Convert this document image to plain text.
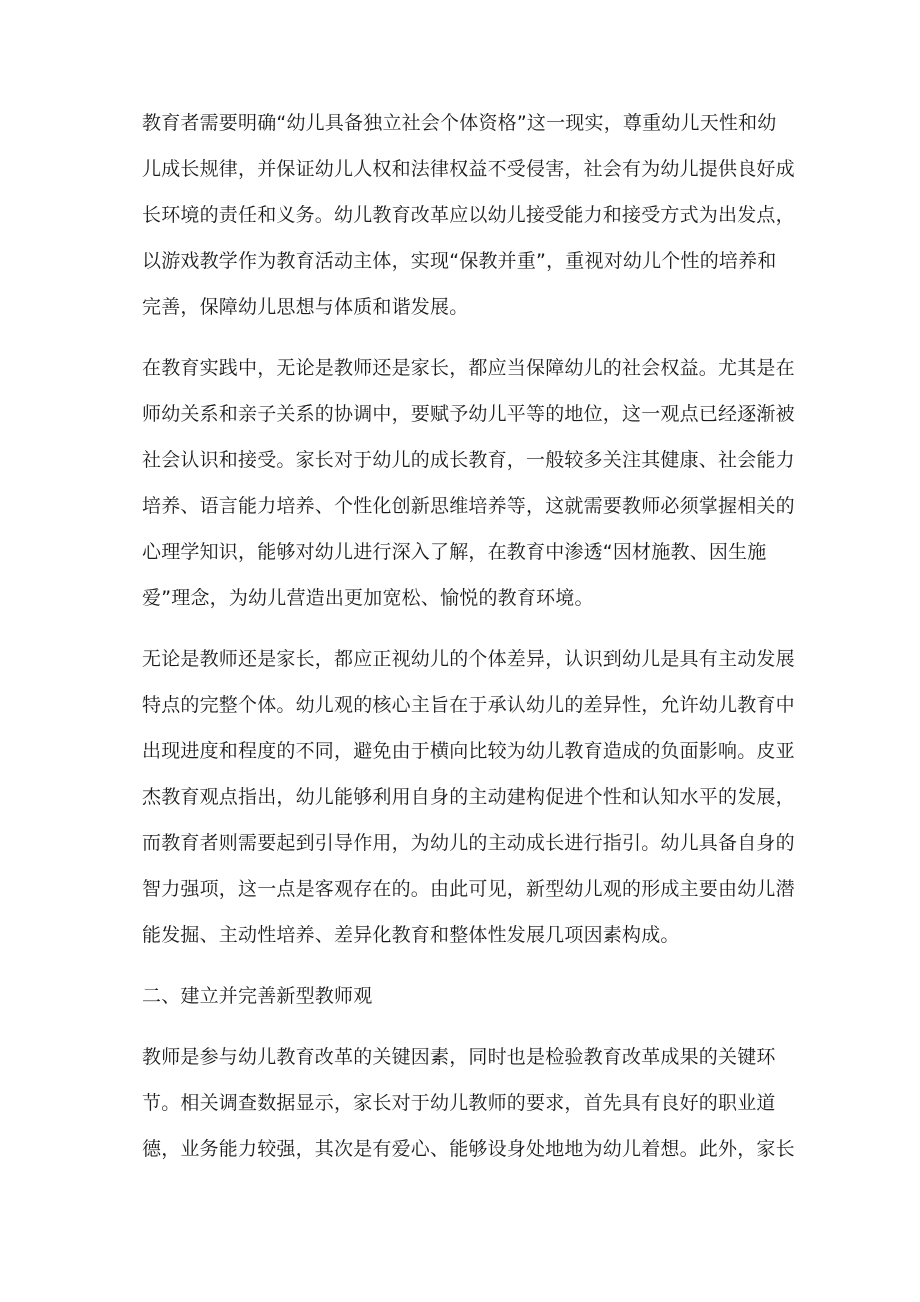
教育者需要明确“幼儿具备独立社会个体资格”这一现实，尊重幼儿天性和幼
儿成长规律，并保证幼儿人权和法律权益不受侵害，社会有为幼儿提供良好成
长环境的责任和义务。幼儿教育改革应以幼儿接受能力和接受方式为出发点，
以游戏教学作为教育活动主体，实现“保教并重”，重视对幼儿个性的培养和
完善，保障幼儿思想与体质和谐发展。
在教育实践中，无论是教师还是家长，都应当保障幼儿的社会权益。尤其是在
师幼关系和亲子关系的协调中，要赋予幼儿平等的地位，这一观点已经逐渐被
社会认识和接受。家长对于幼儿的成长教育，一般较多关注其健康、社会能力
培养、语言能力培养、个性化创新思维培养等，这就需要教师必须掌握相关的
心理学知识，能够对幼儿进行深入了解，在教育中渗透“因材施教、因生施
爱”理念，为幼儿营造出更加宽松、愉悦的教育环境。
无论是教师还是家长，都应正视幼儿的个体差异，认识到幼儿是具有主动发展
特点的完整个体。幼儿观的核心主旨在于承认幼儿的差异性，允许幼儿教育中
出现进度和程度的不同，避免由于横向比较为幼儿教育造成的负面影响。皮亚
杰教育观点指出，幼儿能够利用自身的主动建构促进个性和认知水平的发展，
而教育者则需要起到引导作用，为幼儿的主动成长进行指引。幼儿具备自身的
智力强项，这一点是客观存在的。由此可见，新型幼儿观的形成主要由幼儿潜
能发掘、主动性培养、差异化教育和整体性发展几项因素构成。
二、建立并完善新型教师观
教师是参与幼儿教育改革的关键因素，同时也是检验教育改革成果的关键环
节。相关调查数据显示，家长对于幼儿教师的要求，首先具有良好的职业道
德，业务能力较强，其次是有爱心、能够设身处地地为幼儿着想。此外，家长
